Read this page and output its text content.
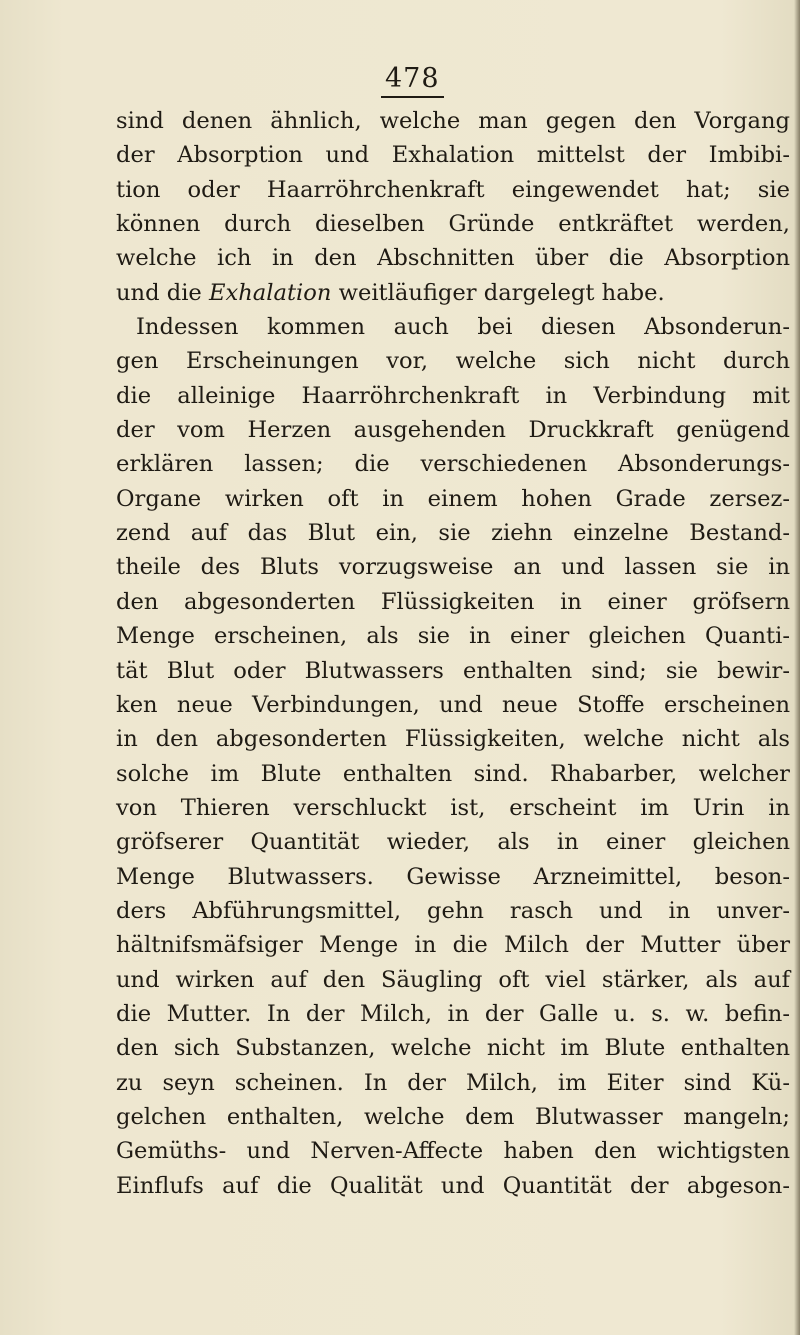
478
sind denen ähnlich, welche man gegen den Vorgang
der Absorption und Exhalation mittelst der Imbibi-
tion oder Haarröhrchenkraft eingewendet hat; sie
können durch dieselben Gründe entkräftet werden,
welche ich in den Abschnitten über die Absorption
und die Exhalation weitläufiger dargelegt habe.
Indessen kommen auch bei diesen Absonderun-
gen Erscheinungen vor, welche sich nicht durch
die alleinige Haarröhrchenkraft in Verbindung mit
der vom Herzen ausgehenden Druckkraft genügend
erklären lassen; die verschiedenen Absonderungs-
Organe wirken oft in einem hohen Grade zersez-
zend auf das Blut ein, sie ziehn einzelne Bestand-
theile des Bluts vorzugsweise an und lassen sie in
den abgesonderten Flüssigkeiten in einer gröfsern
Menge erscheinen, als sie in einer gleichen Quanti-
tät Blut oder Blutwassers enthalten sind; sie bewir-
ken neue Verbindungen, und neue Stoffe erscheinen
in den abgesonderten Flüssigkeiten, welche nicht als
solche im Blute enthalten sind. Rhabarber, welcher
von Thieren verschluckt ist, erscheint im Urin in
gröfserer Quantität wieder, als in einer gleichen
Menge Blutwassers. Gewisse Arzneimittel, beson-
ders Abführungsmittel, gehn rasch und in unver-
hältnifsmäfsiger Menge in die Milch der Mutter über
und wirken auf den Säugling oft viel stärker, als auf
die Mutter. In der Milch, in der Galle u. s. w. befin-
den sich Substanzen, welche nicht im Blute enthalten
zu seyn scheinen. In der Milch, im Eiter sind Kü-
gelchen enthalten, welche dem Blutwasser mangeln;
Gemüths- und Nerven-Affecte haben den wichtigsten
Einflufs auf die Qualität und Quantität der abgeson-
